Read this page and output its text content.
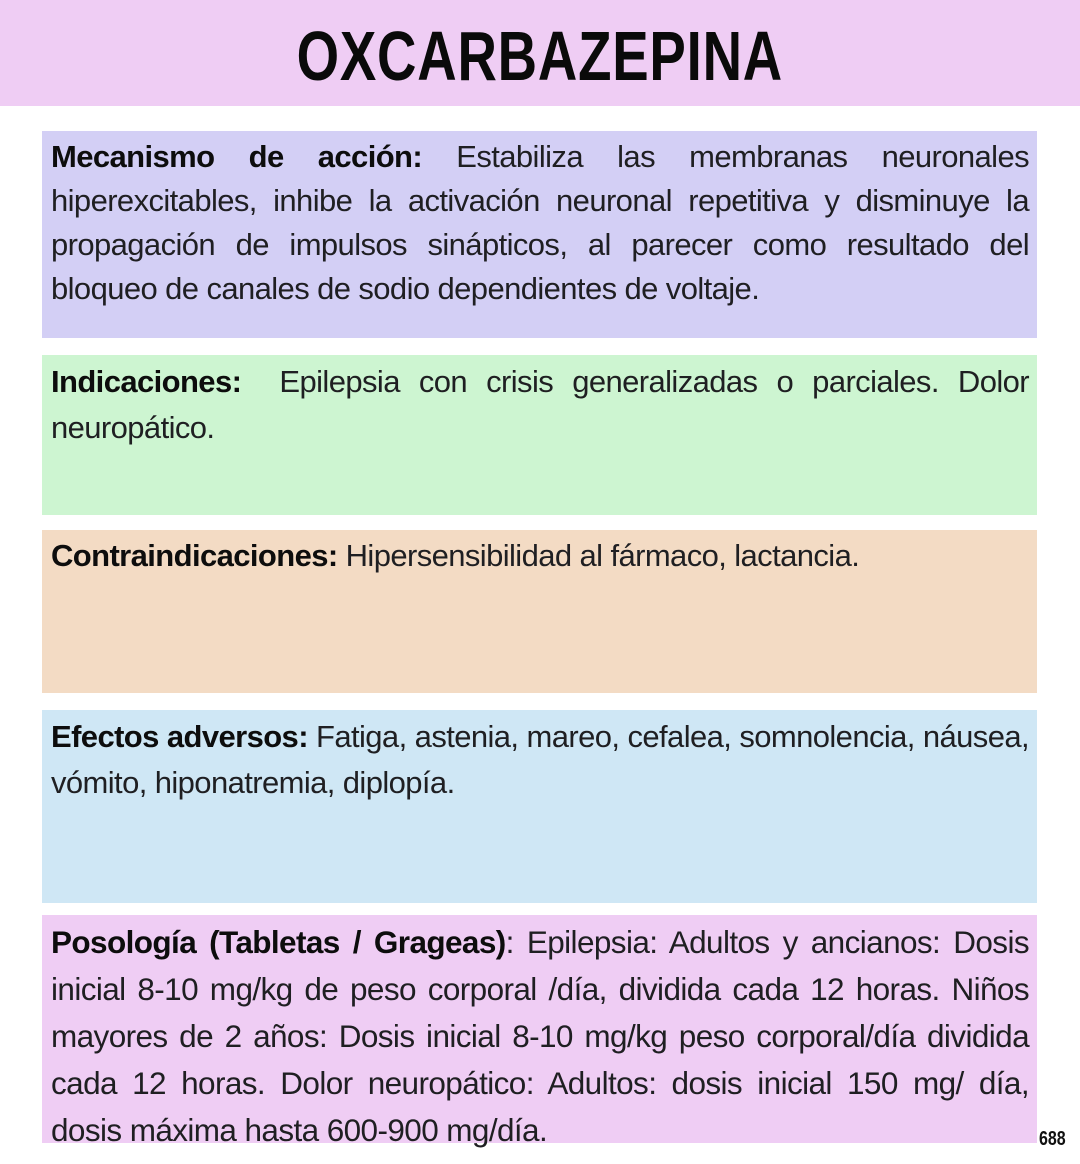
OXCARBAZEPINA

Mecanismo de acción: Estabiliza las membranas neuronales hiperexcitables, inhibe la activación neuronal repetitiva y disminuye la propagación de impulsos sinápticos, al parecer como resultado del bloqueo de canales de sodio dependientes de voltaje.

Indicaciones:  Epilepsia con crisis generalizadas o parciales. Dolor neuropático.

Contraindicaciones: Hipersensibilidad al fármaco, lactancia.

Efectos adversos: Fatiga, astenia, mareo, cefalea, somnolencia, náusea, vómito, hiponatremia, diplopía.

Posología (Tabletas / Grageas): Epilepsia: Adultos y ancianos: Dosis inicial 8-10 mg/kg de peso corporal /día, dividida cada 12 horas. Niños mayores de 2 años: Dosis inicial 8-10 mg/kg peso corporal/día dividida cada 12 horas. Dolor neuropático: Adultos: dosis inicial 150 mg/ día, dosis máxima hasta 600-900 mg/día.	688
